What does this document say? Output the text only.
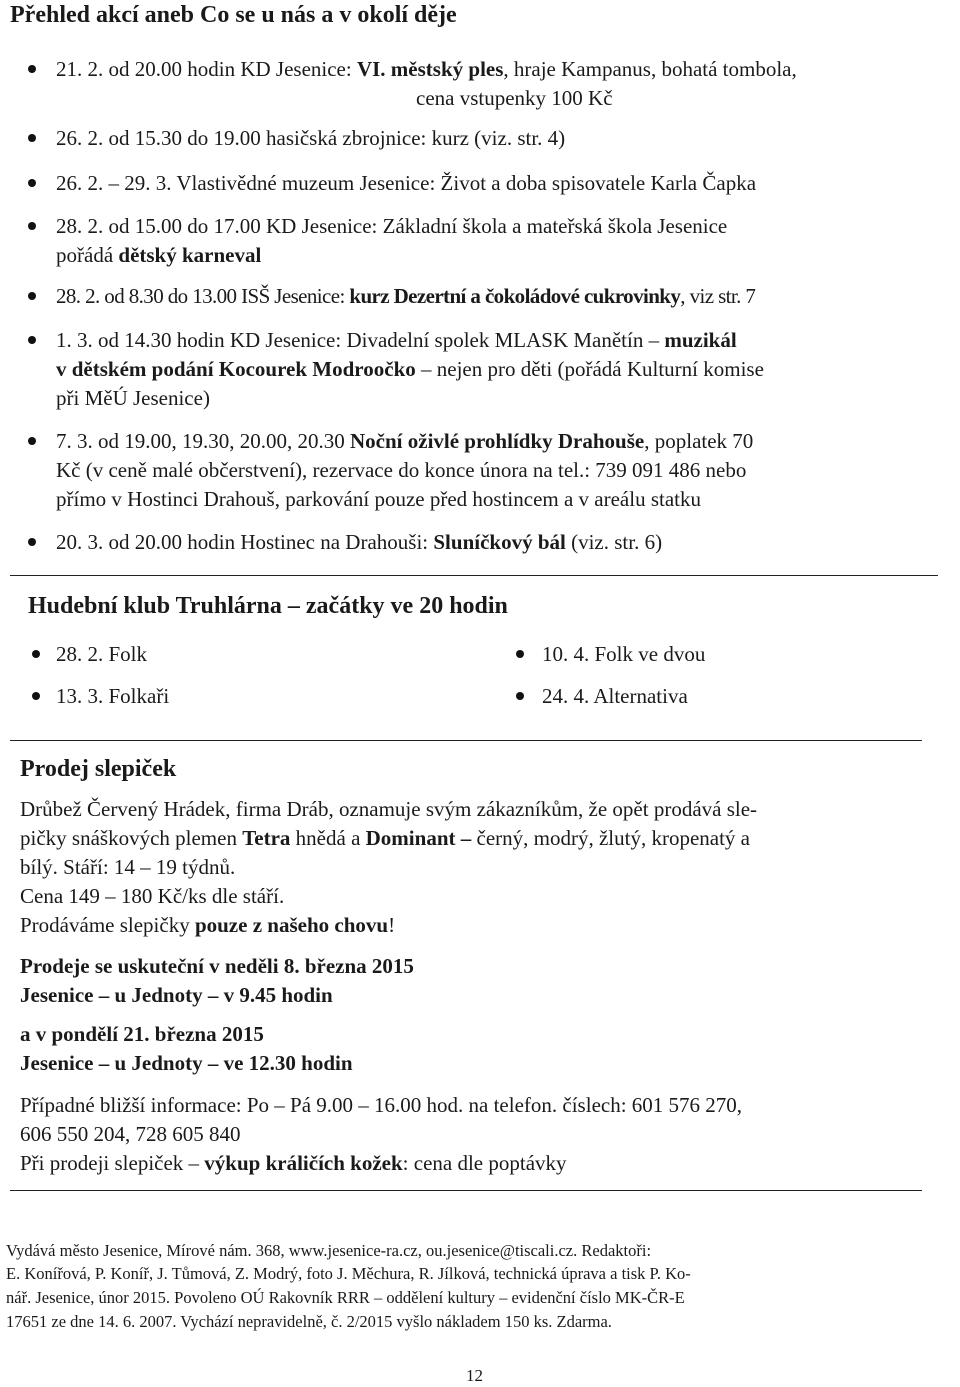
Přehled akcí aneb Co se u nás a v okolí děje
21. 2. od 20.00 hodin KD Jesenice: VI. městský ples, hraje Kampanus, bohatá tombola,
cena vstupenky 100 Kč
26. 2. od 15.30 do 19.00 hasičská zbrojnice: kurz (viz. str. 4)
26. 2. – 29. 3. Vlastivědné muzeum Jesenice: Život a doba spisovatele Karla Čapka
28. 2. od 15.00 do 17.00 KD Jesenice: Základní škola a mateřská škola Jesenice
pořádá dětský karneval
28. 2. od 8.30 do 13.00 ISŠ Jesenice: kurz Dezertní a čokoládové cukrovinky, viz str. 7
1. 3. od 14.30 hodin KD Jesenice: Divadelní spolek MLASK Manětín – muzikál
v dětském podání Kocourek Modroočko – nejen pro děti (pořádá Kulturní komise
při MěÚ Jesenice)
7. 3. od 19.00, 19.30, 20.00, 20.30 Noční oživlé prohlídky Drahouše, poplatek 70
Kč (v ceně malé občerstvení), rezervace do konce února na tel.: 739 091 486 nebo
přímo v Hostinci Drahouš, parkování pouze před hostincem a v areálu statku
20. 3. od 20.00 hodin Hostinec na Drahouši: Sluníčkový bál (viz. str. 6)
Hudební klub Truhlárna – začátky ve 20 hodin
28. 2. Folk
13. 3. Folkaři
10. 4. Folk ve dvou
24. 4. Alternativa
Prodej slepiček
Drůbež Červený Hrádek, firma Dráb, oznamuje svým zákazníkům, že opět prodává sle-
pičky snáškových plemen Tetra hnědá a Dominant – černý, modrý, žlutý, kropenatý a
bílý. Stáří: 14 – 19 týdnů.
Cena 149 – 180 Kč/ks dle stáří.
Prodáváme slepičky pouze z našeho chovu!
Prodeje se uskuteční v neděli 8. března 2015
Jesenice – u Jednoty – v 9.45 hodin
a v pondělí 21. března 2015
Jesenice – u Jednoty – ve 12.30 hodin
Případné bližší informace: Po – Pá 9.00 – 16.00 hod. na telefon. číslech: 601 576 270,
606 550 204, 728 605 840
Při prodeji slepiček – výkup králičích kožek: cena dle poptávky
Vydává město Jesenice, Mírové nám. 368, www.jesenice-ra.cz, ou.jesenice@tiscali.cz. Redaktoři:
E. Konířová, P. Koníř, J. Tůmová, Z. Modrý, foto J. Měchura, R. Jílková, technická úprava a tisk P. Ko-
nář. Jesenice, únor 2015. Povoleno OÚ Rakovník RRR – oddělení kultury – evidenční číslo MK-ČR-E
17651 ze dne 14. 6. 2007. Vychází nepravidelně, č. 2/2015 vyšlo nákladem 150 ks. Zdarma.
12
